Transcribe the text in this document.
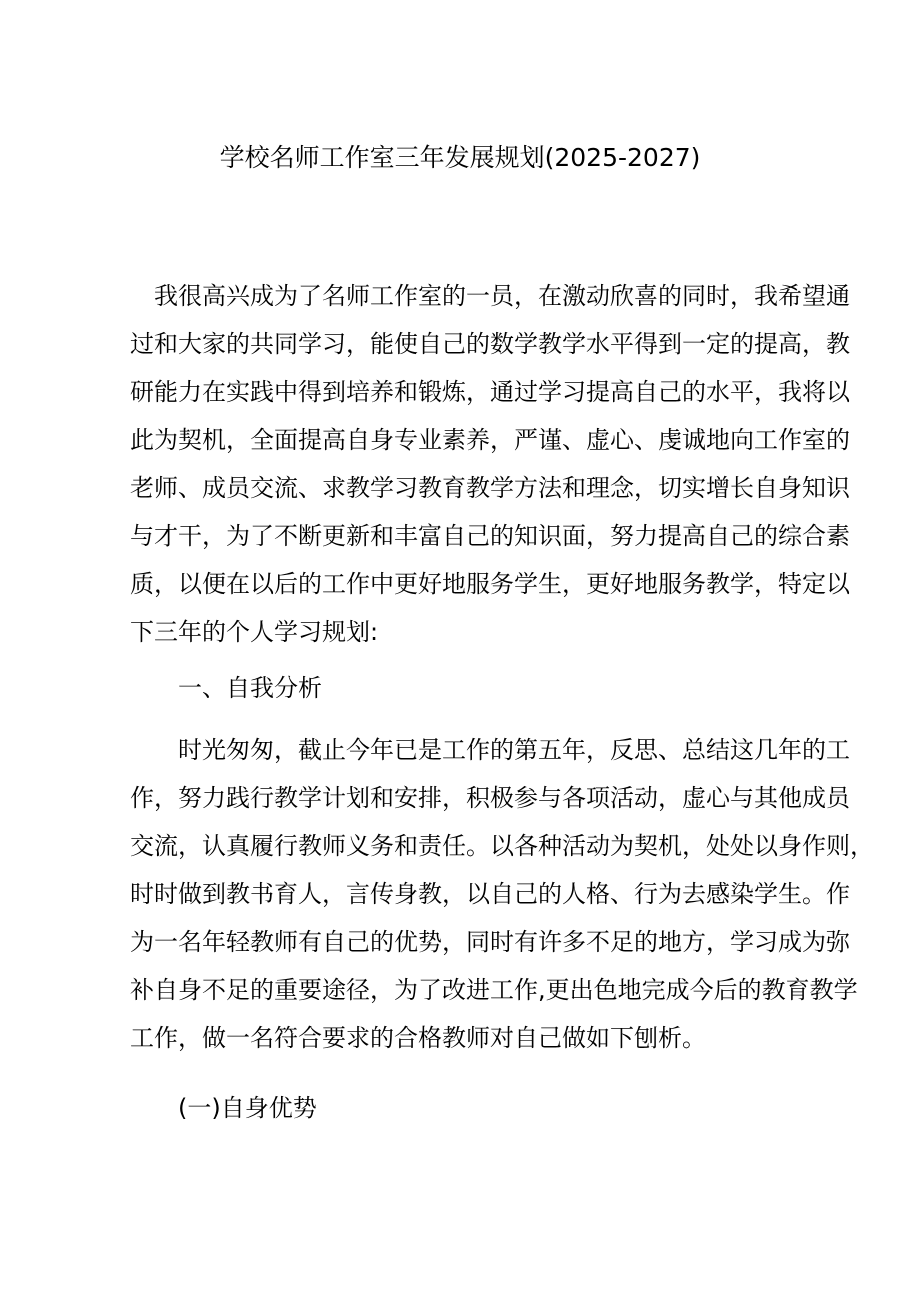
学校名师工作室三年发展规划(2025-2027)
　我很高兴成为了名师工作室的一员，在激动欣喜的同时，我希望通
过和大家的共同学习，能使自己的数学教学水平得到一定的提高，教
研能力在实践中得到培养和锻炼，通过学习提高自己的水平，我将以
此为契机，全面提高自身专业素养，严谨、虚心、虔诚地向工作室的
老师、成员交流、求教学习教育教学方法和理念，切实增长自身知识
与才干，为了不断更新和丰富自己的知识面，努力提高自己的综合素
质，以便在以后的工作中更好地服务学生，更好地服务教学，特定以
下三年的个人学习规划:
一、自我分析
　　时光匆匆，截止今年已是工作的第五年，反思、总结这几年的工
作，努力践行教学计划和安排，积极参与各项活动，虚心与其他成员
交流，认真履行教师义务和责任。以各种活动为契机，处处以身作则，
时时做到教书育人，言传身教，以自己的人格、行为去感染学生。作
为一名年轻教师有自己的优势，同时有许多不足的地方，学习成为弥
补自身不足的重要途径，为了改进工作,更出色地完成今后的教育教学
工作，做一名符合要求的合格教师对自己做如下刨析。
(一)自身优势
